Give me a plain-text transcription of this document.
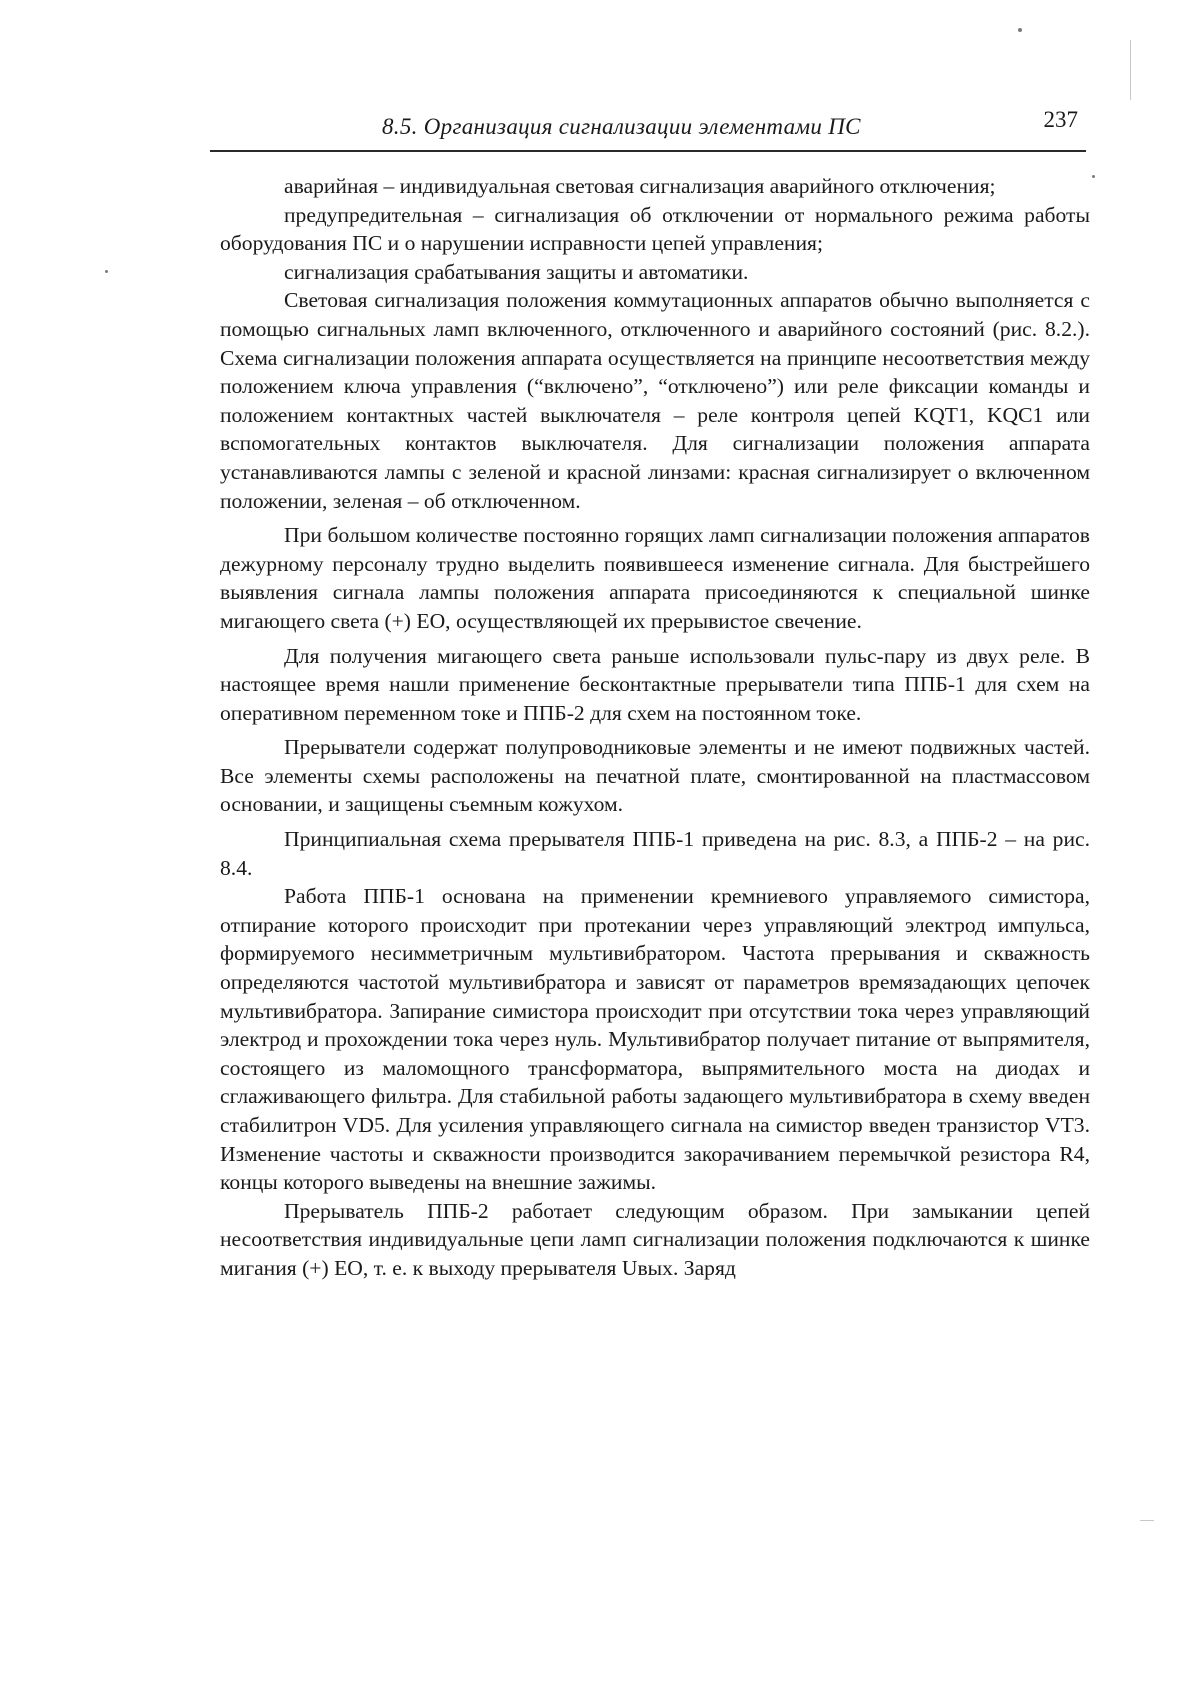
8.5. Организация сигнализации элементами ПС	237

аварийная – индивидуальная световая сигнализация аварийного отключения;

предупредительная – сигнализация об отключении от нормального режима работы оборудования ПС и о нарушении исправности цепей управления;

сигнализация срабатывания защиты и автоматики.

Световая сигнализация положения коммутационных аппаратов обычно выполняется с помощью сигнальных ламп включенного, отключенного и аварийного состояний (рис. 8.2.). Схема сигнализации положения аппарата осуществляется на принципе несоответствия между положением ключа управления (“включено”, “отключено”) или реле фиксации команды и положением контактных частей выключателя – реле контроля цепей KQT1, KQC1 или вспомогательных контактов выключателя. Для сигнализации положения аппарата устанавливаются лампы с зеленой и красной линзами: красная сигнализирует о включенном положении, зеленая – об отключенном.

При большом количестве постоянно горящих ламп сигнализации положения аппаратов дежурному персоналу трудно выделить появившееся изменение сигнала. Для быстрейшего выявления сигнала лампы положения аппарата присоединяются к специальной шинке мигающего света (+) EO, осуществляющей их прерывистое свечение.

Для получения мигающего света раньше использовали пульс-пару из двух реле. В настоящее время нашли применение бесконтактные прерыватели типа ППБ-1 для схем на оперативном переменном токе и ППБ-2 для схем на постоянном токе.

Прерыватели содержат полупроводниковые элементы и не имеют подвижных частей. Все элементы схемы расположены на печатной плате, смонтированной на пластмассовом основании, и защищены съемным кожухом.

Принципиальная схема прерывателя ППБ-1 приведена на рис. 8.3, а ППБ-2 – на рис. 8.4.

Работа ППБ-1 основана на применении кремниевого управляемого симистора, отпирание которого происходит при протекании через управляющий электрод импульса, формируемого несимметричным мультивибратором. Частота прерывания и скважность определяются частотой мультивибратора и зависят от параметров времязадающих цепочек мультивибратора. Запирание симистора происходит при отсутствии тока через управляющий электрод и прохождении тока через нуль. Мультивибратор получает питание от выпрямителя, состоящего из маломощного трансформатора, выпрямительного моста на диодах и сглаживающего фильтра. Для стабильной работы задающего мультивибратора в схему введен стабилитрон VD5. Для усиления управляющего сигнала на симистор введен транзистор VT3. Изменение частоты и скважности производится закорачиванием перемычкой резистора R4, концы которого выведены на внешние зажимы.

Прерыватель ППБ-2 работает следующим образом. При замыкании цепей несоответствия индивидуальные цепи ламп сигнализации положения подключаются к шинке мигания (+) EO, т. е. к выходу прерывателя Uвых. Заряд
